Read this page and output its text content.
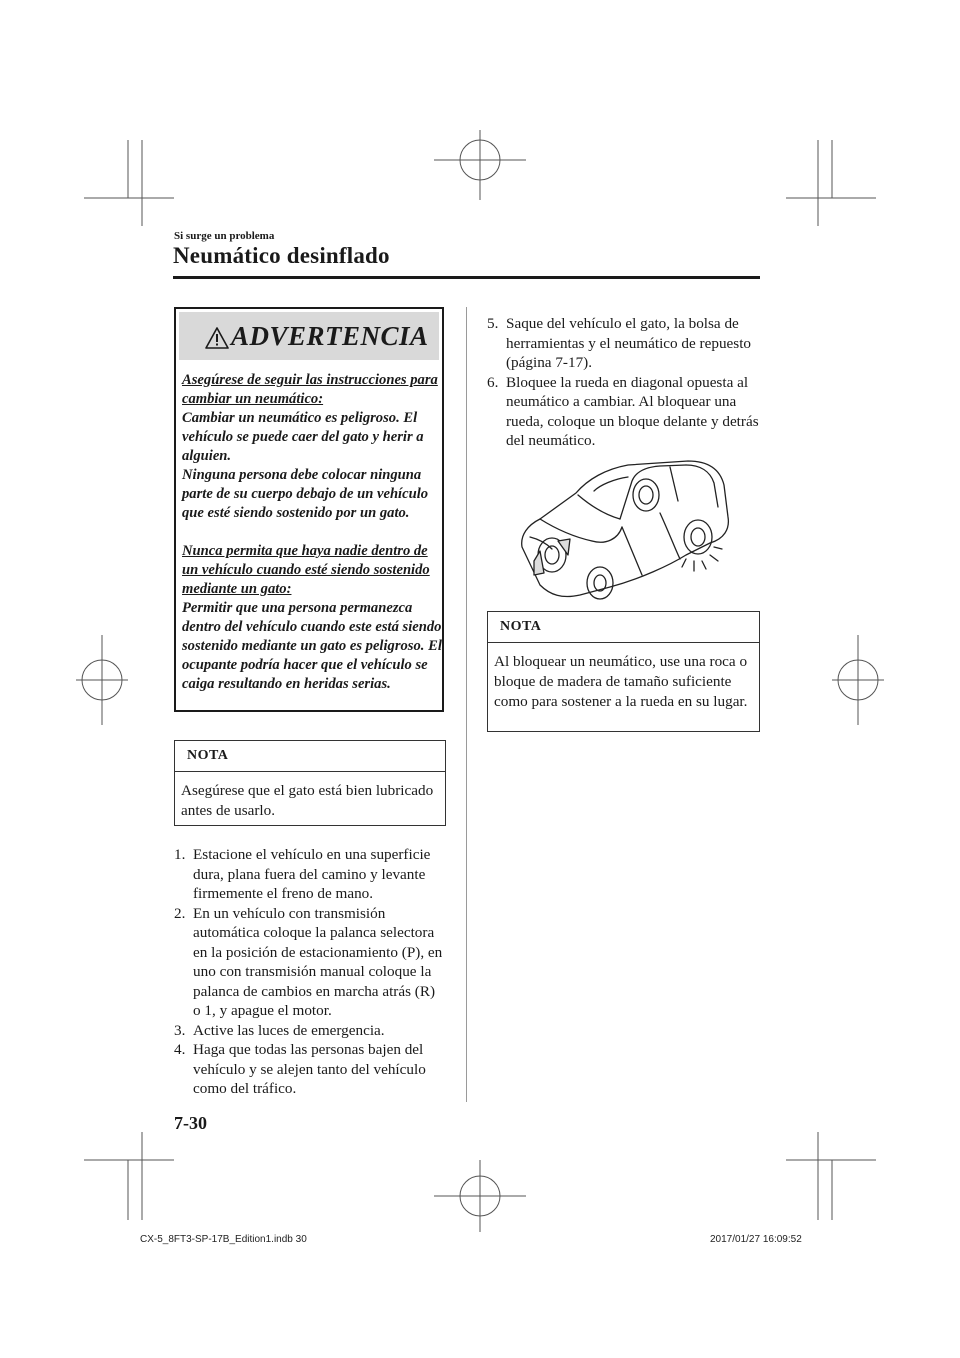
Si surge un problema
Neumático desinflado
ADVERTENCIA

Asegúrese de seguir las instrucciones para cambiar un neumático:

Cambiar un neumático es peligroso. El vehículo se puede caer del gato y herir a alguien.

Ninguna persona debe colocar ninguna parte de su cuerpo debajo de un vehículo que esté siendo sostenido por un gato.

Nunca permita que haya nadie dentro de un vehículo cuando esté siendo sostenido mediante un gato:

Permitir que una persona permanezca dentro del vehículo cuando este está siendo sostenido mediante un gato es peligroso. El ocupante podría hacer que el vehículo se caiga resultando en heridas serias.

NOTA
Asegúrese que el gato está bien lubricado antes de usarlo.

1. Estacione el vehículo en una superficie dura, plana fuera del camino y levante firmemente el freno de mano.

2. En un vehículo con transmisión automática coloque la palanca selectora en la posición de estacionamiento (P), en uno con transmisión manual coloque la palanca de cambios en marcha atrás (R) o 1, y apague el motor.

3. Active las luces de emergencia.

4. Haga que todas las personas bajen del vehículo y se alejen tanto del vehículo como del tráfico.

5. Saque del vehículo el gato, la bolsa de herramientas y el neumático de repuesto (página 7-17).

6. Bloquee la rueda en diagonal opuesta al neumático a cambiar. Al bloquear una rueda, coloque un bloque delante y detrás del neumático.

NOTA
Al bloquear un neumático, use una roca o bloque de madera de tamaño suficiente como para sostener a la rueda en su lugar.
7-30
CX-5_8FT3-SP-17B_Edition1.indb 30	2017/01/27 16:09:52
